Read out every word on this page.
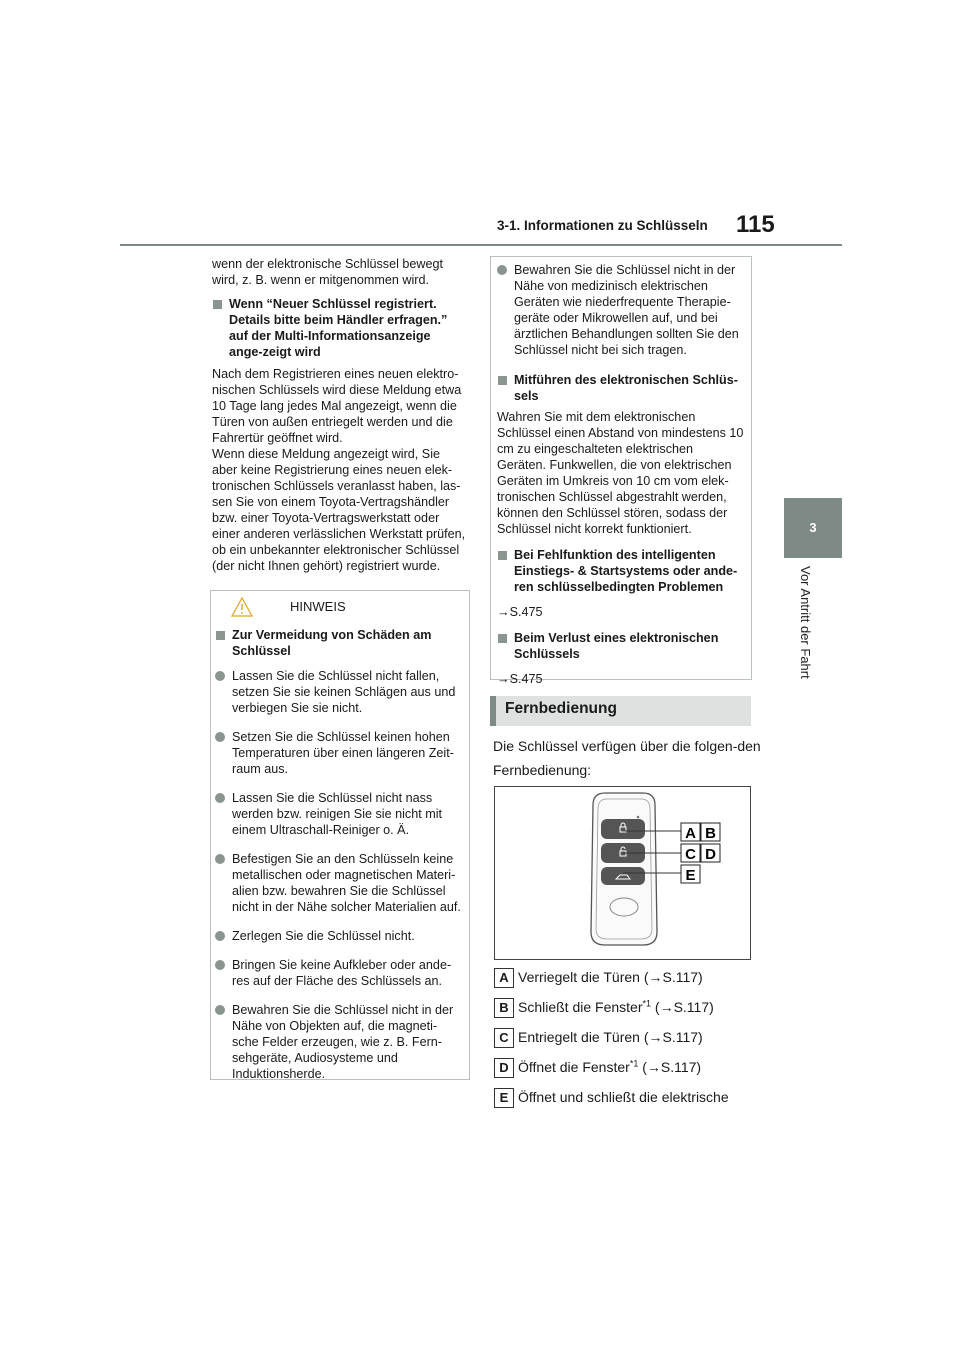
3-1. Informationen zu Schlüsseln 115
3
Vor Antritt der Fahrt

wenn der elektronische Schlüssel bewegt wird, z. B. wenn er mitgenommen wird.

Wenn “Neuer Schlüssel registriert. Details bitte beim Händler erfragen.” auf der Multi-Informationsanzeige ange-zeigt wird

Nach dem Registrieren eines neuen elektro-nischen Schlüssels wird diese Meldung etwa 10 Tage lang jedes Mal angezeigt, wenn die Türen von außen entriegelt werden und die Fahrertür geöffnet wird.

Wenn diese Meldung angezeigt wird, Sie aber keine Registrierung eines neuen elek-tronischen Schlüssels veranlasst haben, las-sen Sie von einem Toyota-Vertragshändler bzw. einer Toyota-Vertragswerkstatt oder einer anderen verlässlichen Werkstatt prüfen, ob ein unbekannter elektronischer Schlüssel (der nicht Ihnen gehört) registriert wurde.

HINWEIS

Zur Vermeidung von Schäden am Schlüssel

Lassen Sie die Schlüssel nicht fallen, setzen Sie sie keinen Schlägen aus und verbiegen Sie sie nicht.

Setzen Sie die Schlüssel keinen hohen Temperaturen über einen längeren Zeit-raum aus.

Lassen Sie die Schlüssel nicht nass werden bzw. reinigen Sie sie nicht mit einem Ultraschall-Reiniger o. Ä.

Befestigen Sie an den Schlüsseln keine metallischen oder magnetischen Materi-alien bzw. bewahren Sie die Schlüssel nicht in der Nähe solcher Materialien auf.

Zerlegen Sie die Schlüssel nicht.

Bringen Sie keine Aufkleber oder ande-res auf der Fläche des Schlüssels an.

Bewahren Sie die Schlüssel nicht in der Nähe von Objekten auf, die magneti-sche Felder erzeugen, wie z. B. Fern-sehgeräte, Audiosysteme und Induktionsherde.

Bewahren Sie die Schlüssel nicht in der Nähe von medizinisch elektrischen Geräten wie niederfrequente Therapie-geräte oder Mikrowellen auf, und bei ärztlichen Behandlungen sollten Sie den Schlüssel nicht bei sich tragen.

Mitführen des elektronischen Schlüs-sels

Wahren Sie mit dem elektronischen Schlüssel einen Abstand von mindestens 10 cm zu eingeschalteten elektrischen Geräten. Funkwellen, die von elektrischen Geräten im Umkreis von 10 cm vom elek-tronischen Schlüssel abgestrahlt werden, können den Schlüssel stören, sodass der Schlüssel nicht korrekt funktioniert.

Bei Fehlfunktion des intelligenten Einstiegs- & Startsystems oder ande-ren schlüsselbedingten Problemen

→S.475

Beim Verlust eines elektronischen Schlüssels

→S.475

Fernbedienung
Die Schlüssel verfügen über die folgen-den Fernbedienung:
A B
C D
E
A Verriegelt die Türen (→S.117)
B Schließt die Fenster$^{*1}$ (→S.117)
C Entriegelt die Türen (→S.117)
D Öffnet die Fenster$^{*1}$ (→S.117)
E Öffnet und schließt die elektrische
